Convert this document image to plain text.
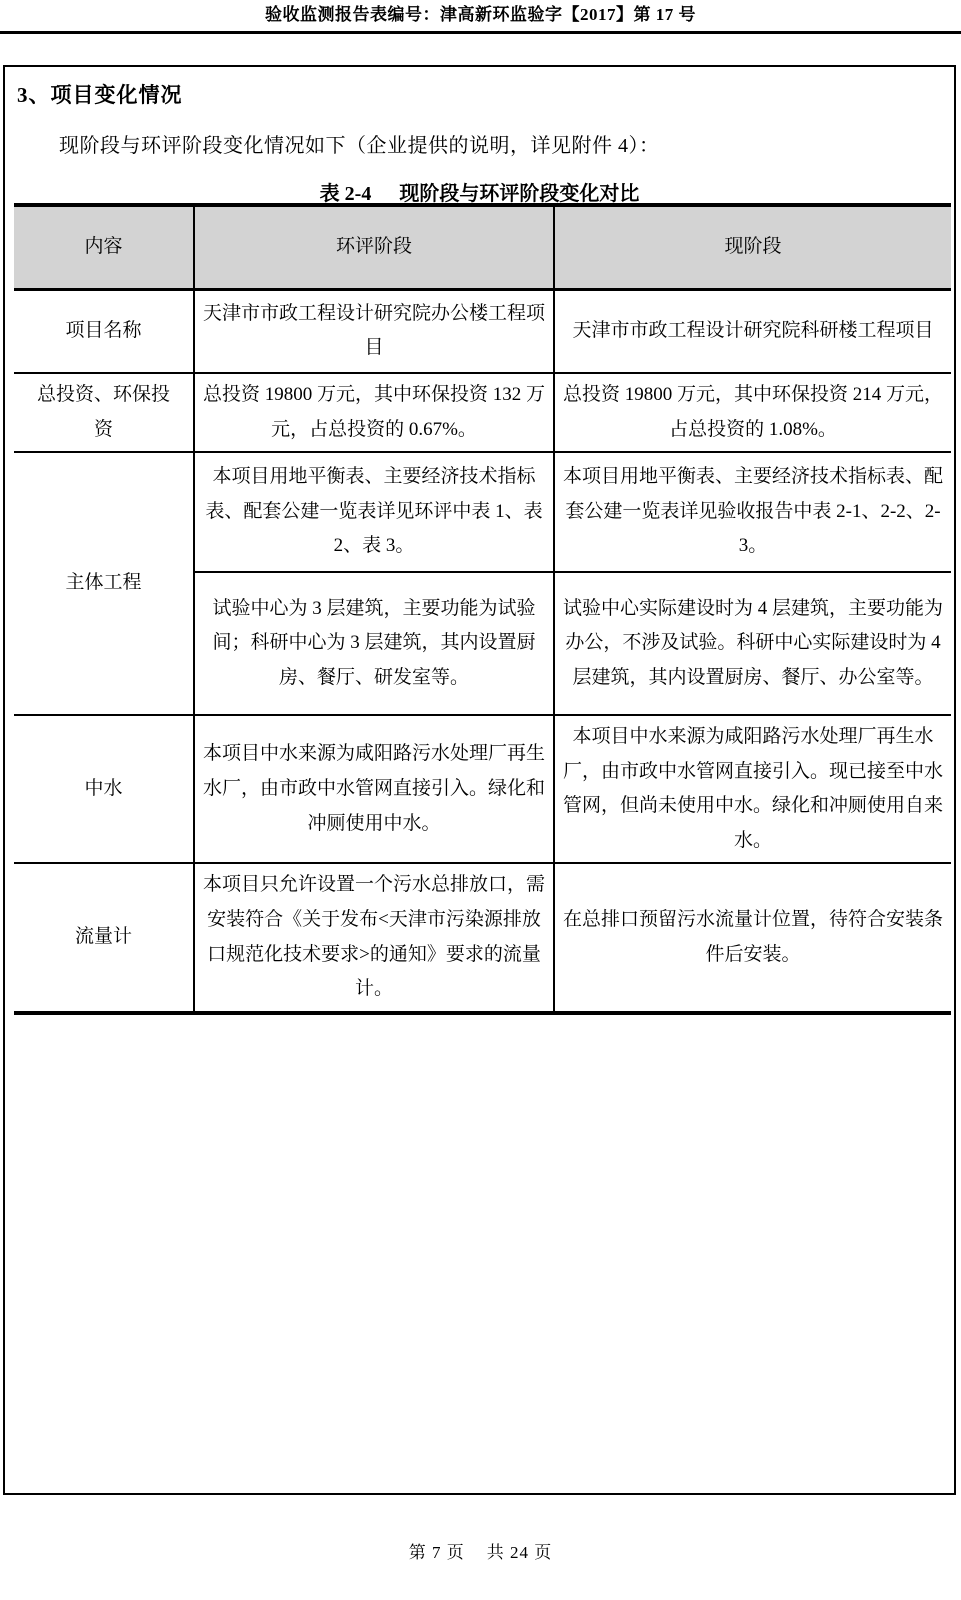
验收监测报告表编号：津高新环监验字【2017】第 17 号
3、项目变化情况
现阶段与环评阶段变化情况如下（企业提供的说明，详见附件 4）：
表 2-4 现阶段与环评阶段变化对比
内容	环评阶段	现阶段
项目名称	天津市市政工程设计研究院办公楼工程项目	天津市市政工程设计研究院科研楼工程项目
总投资、环保投资	总投资 19800 万元，其中环保投资 132 万元，占总投资的 0.67%。	总投资 19800 万元，其中环保投资 214 万元，占总投资的 1.08%。
主体工程	本项目用地平衡表、主要经济技术指标表、配套公建一览表详见环评中表 1、表 2、表 3。	本项目用地平衡表、主要经济技术指标表、配套公建一览表详见验收报告中表 2-1、2-2、2-3。
	试验中心为 3 层建筑，主要功能为试验间；科研中心为 3 层建筑，其内设置厨房、餐厅、研发室等。	试验中心实际建设时为 4 层建筑，主要功能为办公，不涉及试验。科研中心实际建设时为 4 层建筑，其内设置厨房、餐厅、办公室等。
中水	本项目中水来源为咸阳路污水处理厂再生水厂，由市政中水管网直接引入。绿化和冲厕使用中水。	本项目中水来源为咸阳路污水处理厂再生水厂，由市政中水管网直接引入。现已接至中水管网，但尚未使用中水。绿化和冲厕使用自来水。
流量计	本项目只允许设置一个污水总排放口，需安装符合《关于发布<天津市污染源排放口规范化技术要求>的通知》要求的流量计。	在总排口预留污水流量计位置，待符合安装条件后安装。
第 7 页 共 24 页
